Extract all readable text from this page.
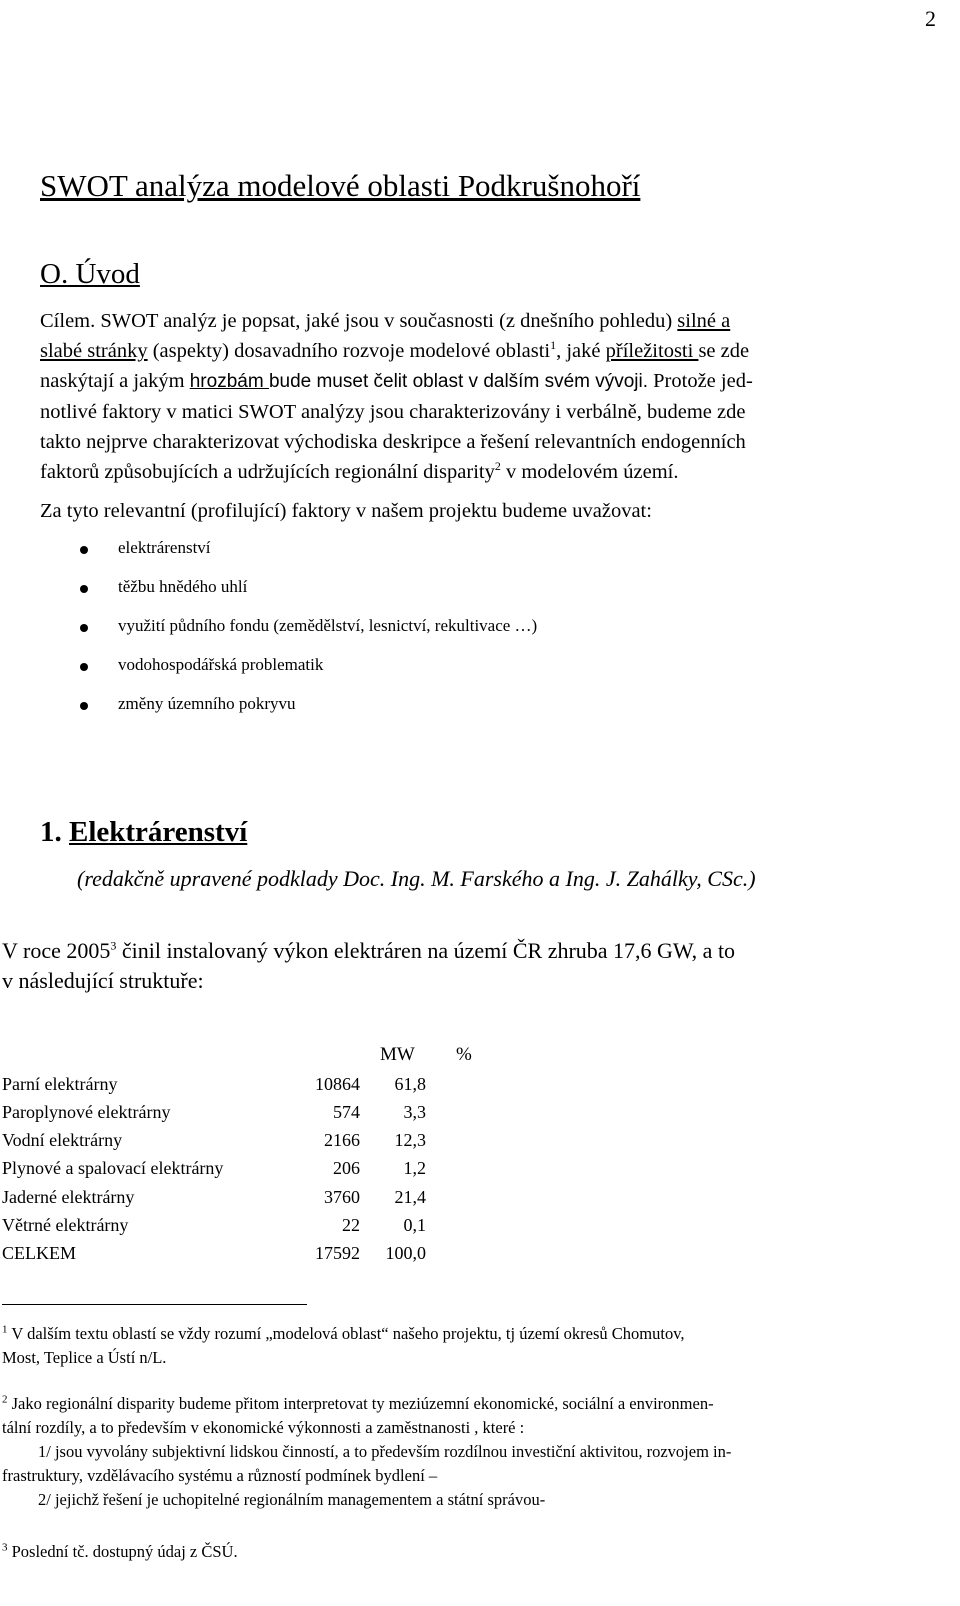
2
SWOT analýza modelové oblasti Podkrušnohoří
O. Úvod
Cílem. SWOT analýz je popsat, jaké jsou v současnosti (z dnešního pohledu) silné a
slabé stránky (aspekty) dosavadního rozvoje modelové oblasti$^1$, jaké příležitosti se zde
naskýtají a jakým hrozbám bude muset čelit oblast v dalším svém vývoji. Protože jed-
notlivé faktory v matici SWOT analýzy jsou charakterizovány i verbálně, budeme zde
takto nejprve charakterizovat východiska deskripce a řešení relevantních endogenních
faktorů způsobujících a udržujících regionální disparity$^2$ v modelovém území.
Za tyto relevantní (profilující) faktory v našem projektu budeme uvažovat:
elektrárenství
těžbu hnědého uhlí
využití půdního fondu (zemědělství, lesnictví, rekultivace …)
vodohospodářská problematik
změny územního pokryvu
1. Elektrárenství
(redakčně upravené podklady Doc. Ing. M. Farského a Ing. J. Zahálky, CSc.)
V roce 2005$^3$ činil instalovaný výkon elektráren na území ČR zhruba 17,6 GW, a to
v následující struktuře:
MW %
Parní elektrárny	10864 61,8
Paroplynové elektrárny	574 3,3
Vodní elektrárny	2166 12,3
Plynové a spalovací elektrárny	206 1,2
Jaderné elektrárny	3760 21,4
Větrné elektrárny	22 0,1
CELKEM	17592 100,0
$^1$ V dalším textu oblastí se vždy rozumí „modelová oblast“ našeho projektu, tj území okresů Chomutov,
Most, Teplice a Ústí n/L.
$^2$ Jako regionální disparity budeme přitom interpretovat ty meziúzemní ekonomické, sociální a environmen-
tální rozdíly, a to především v ekonomické výkonnosti a zaměstnanosti , které :
1/ jsou vyvolány subjektivní lidskou činností, a to především rozdílnou investiční aktivitou, rozvojem in-
frastruktury, vzdělávacího systému a růzností podmínek bydlení –
2/ jejichž řešení je uchopitelné regionálním managementem a státní správou-
$^3$ Poslední tč. dostupný údaj z ČSÚ.
